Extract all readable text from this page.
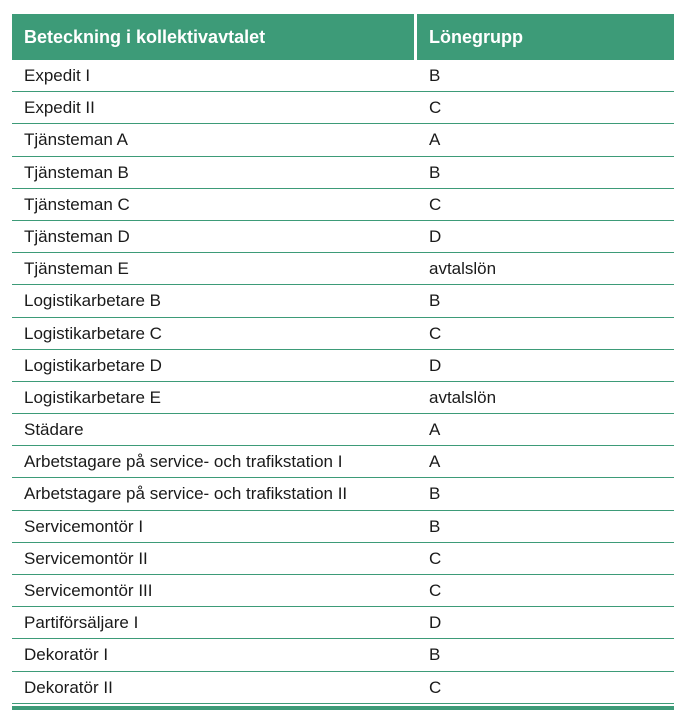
Beteckning i kollektivavtalet	Lönegrupp
Expedit I	B
Expedit II	C
Tjänsteman A	A
Tjänsteman B	B
Tjänsteman C	C
Tjänsteman D	D
Tjänsteman E	avtalslön
Logistikarbetare B	B
Logistikarbetare C	C
Logistikarbetare D	D
Logistikarbetare E	avtalslön
Städare	A
Arbetstagare på service- och trafikstation I	A
Arbetstagare på service- och trafikstation II	B
Servicemontör I	B
Servicemontör II	C
Servicemontör III	C
Partiförsäljare I	D
Dekoratör I	B
Dekoratör II	C
